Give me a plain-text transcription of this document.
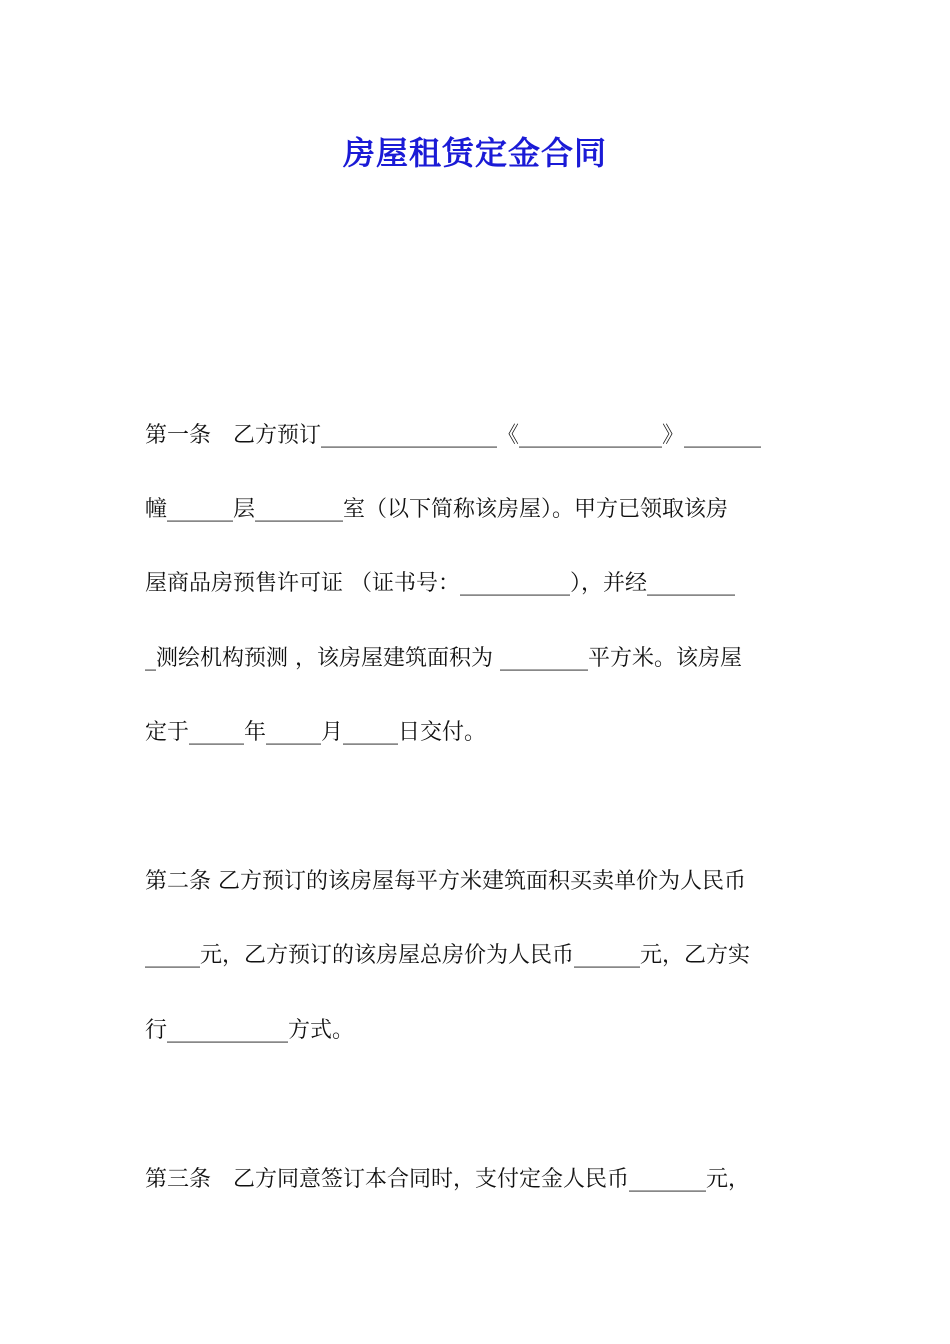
房屋租赁定金合同

第一条　乙方预订________________《_____________》_______

幢______层________室（以下简称该房屋）。甲方已领取该房

屋商品房预售许可证 （证书号：__________），并经________

_测绘机构预测 ，该房屋建筑面积为 ________平方米。该房屋

定于_____年_____月_____日交付。

第二条 乙方预订的该房屋每平方米建筑面积买卖单价为人民币

_____元，乙方预订的该房屋总房价为人民币______元，乙方实

行___________方式。

第三条　乙方同意签订本合同时，支付定金人民币_______元，
